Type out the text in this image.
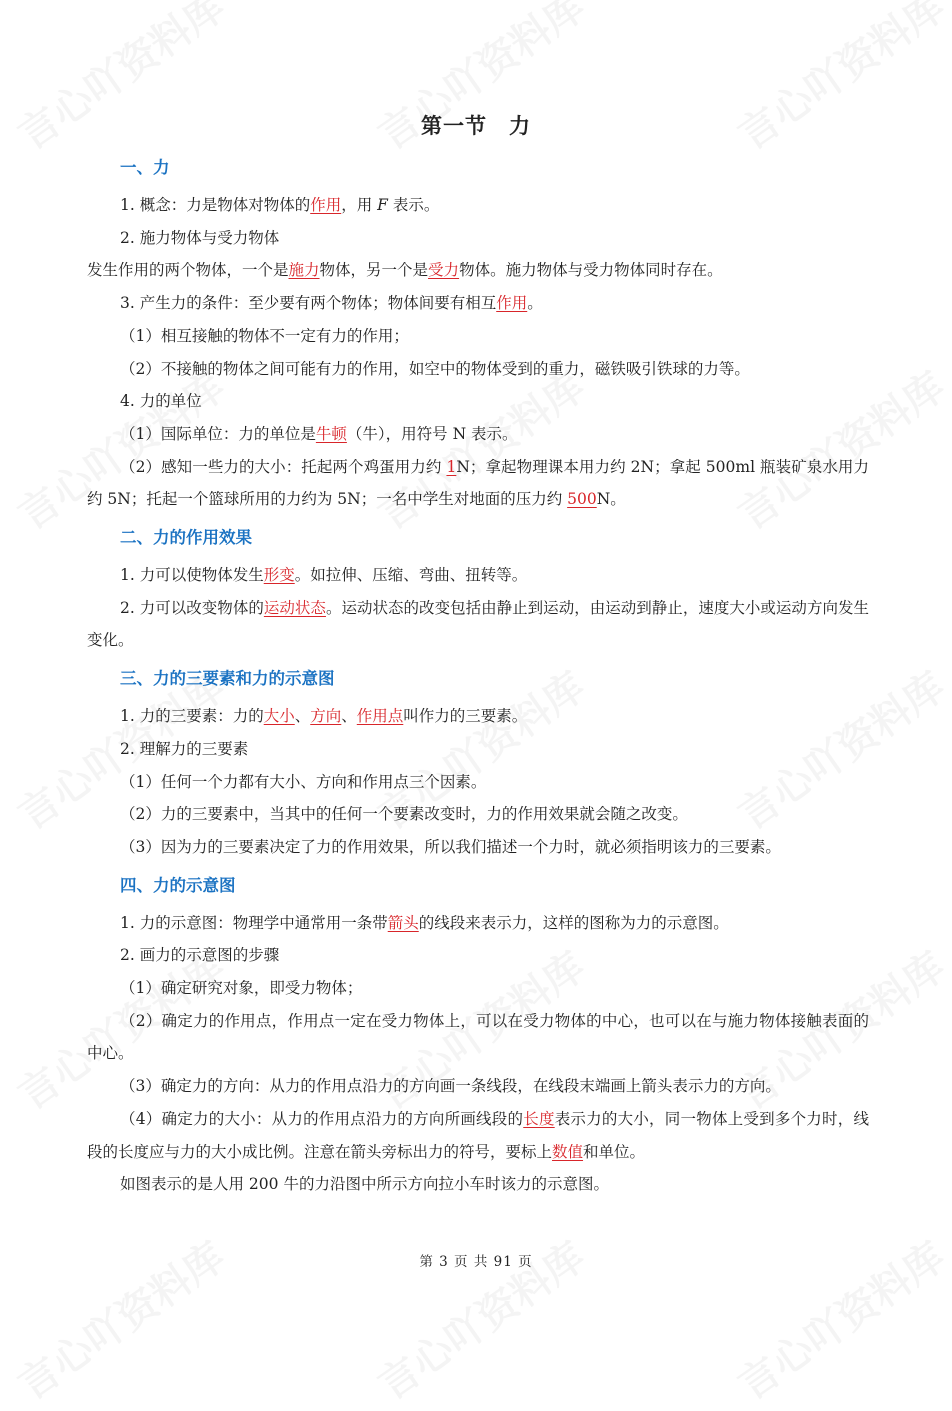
第一节　力
一、力
1. 概念：力是物体对物体的作用，用 F 表示。
2. 施力物体与受力物体
发生作用的两个物体，一个是施力物体，另一个是受力物体。施力物体与受力物体同时存在。
3. 产生力的条件：至少要有两个物体；物体间要有相互作用。
（1）相互接触的物体不一定有力的作用；
（2）不接触的物体之间可能有力的作用，如空中的物体受到的重力，磁铁吸引铁球的力等。
4. 力的单位
（1）国际单位：力的单位是牛顿（牛），用符号 N 表示。
（2）感知一些力的大小：托起两个鸡蛋用力约 1N；拿起物理课本用力约 2N；拿起 500ml 瓶装矿泉水用力约 5N；托起一个篮球所用的力约为 5N；一名中学生对地面的压力约 500N。
二、力的作用效果
1. 力可以使物体发生形变。如拉伸、压缩、弯曲、扭转等。
2. 力可以改变物体的运动状态。运动状态的改变包括由静止到运动，由运动到静止，速度大小或运动方向发生变化。
三、力的三要素和力的示意图
1. 力的三要素：力的大小、方向、作用点叫作力的三要素。
2. 理解力的三要素
（1）任何一个力都有大小、方向和作用点三个因素。
（2）力的三要素中，当其中的任何一个要素改变时，力的作用效果就会随之改变。
（3）因为力的三要素决定了力的作用效果，所以我们描述一个力时，就必须指明该力的三要素。
四、力的示意图
1. 力的示意图：物理学中通常用一条带箭头的线段来表示力，这样的图称为力的示意图。
2. 画力的示意图的步骤
（1）确定研究对象，即受力物体；
（2）确定力的作用点，作用点一定在受力物体上，可以在受力物体的中心，也可以在与施力物体接触表面的中心。
（3）确定力的方向：从力的作用点沿力的方向画一条线段，在线段末端画上箭头表示力的方向。
（4）确定力的大小：从力的作用点沿力的方向所画线段的长度表示力的大小，同一物体上受到多个力时，线段的长度应与力的大小成比例。注意在箭头旁标出力的符号，要标上数值和单位。
如图表示的是人用 200 牛的力沿图中所示方向拉小车时该力的示意图。
第 3 页 共 91 页
